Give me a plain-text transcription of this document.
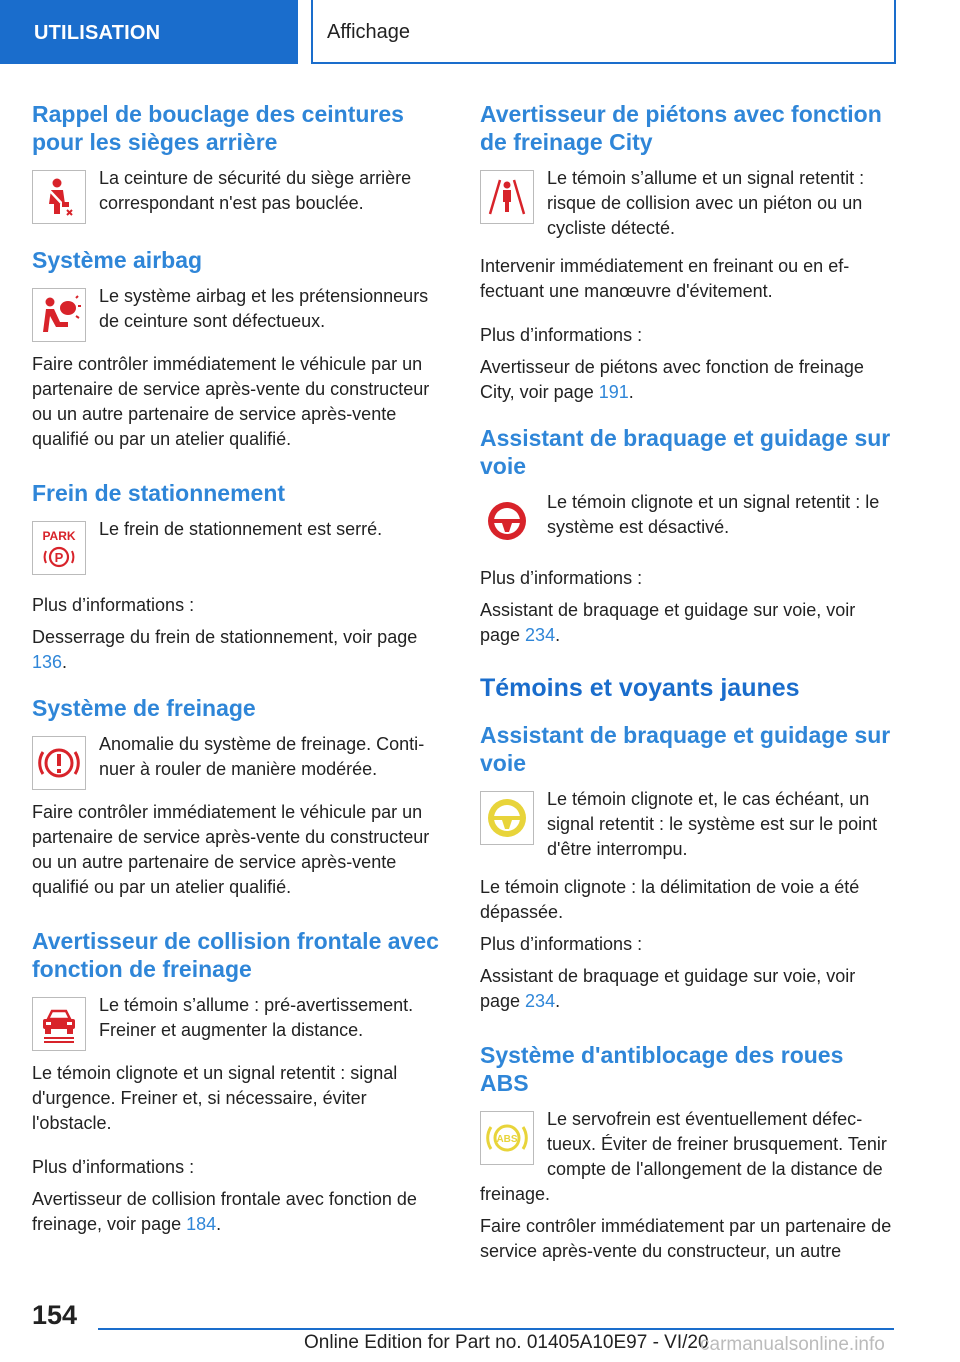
UTILISATION	Affichage
Rappel de bouclage des ceintures pour les sièges arrière

La ceinture de sécurité du siège arrière correspondant n'est pas bouclée.

Système airbag

Le système airbag et les prétensionneurs de ceinture sont défectueux.

Faire contrôler immédiatement le véhicule par un partenaire de service après-vente du constructeur ou un autre partenaire de service après-vente qualifié ou par un atelier qualifié.

Frein de stationnement
PARK
P

Le frein de stationnement est serré.

Plus d’informations :

Desserrage du frein de stationnement, voir page 136.

Système de freinage

Anomalie du système de freinage. Continuer à rouler de manière modérée.

Faire contrôler immédiatement le véhicule par un partenaire de service après-vente du constructeur ou un autre partenaire de service après-vente qualifié ou par un atelier qualifié.

Avertisseur de collision frontale avec fonction de freinage

Le témoin s’allume : pré-avertissement. Freiner et augmenter la distance.

Le témoin clignote et un signal retentit : signal d'urgence. Freiner et, si nécessaire, éviter l'obstacle.

Plus d’informations :

Avertisseur de collision frontale avec fonction de freinage, voir page 184.

Avertisseur de piétons avec fonction de freinage City

Le témoin s’allume et un signal retentit : risque de collision avec un piéton ou un cycliste détecté.

Intervenir immédiatement en freinant ou en effectuant une manœuvre d'évitement.

Plus d’informations :

Avertisseur de piétons avec fonction de freinage City, voir page 191.

Assistant de braquage et guidage sur voie

Le témoin clignote et un signal retentit : le système est désactivé.

Plus d’informations :

Assistant de braquage et guidage sur voie, voir page 234.

Témoins et voyants jaunes
Assistant de braquage et guidage sur voie

Le témoin clignote et, le cas échéant, un signal retentit : le système est sur le point d'être interrompu.

Le témoin clignote : la délimitation de voie a été dépassée.

Plus d’informations :

Assistant de braquage et guidage sur voie, voir page 234.

Système d'antiblocage des roues ABS
ABS

Le servofrein est éventuellement défectueux. Éviter de freiner brusquement. Tenir compte de l'allongement de la distance de freinage.

Faire contrôler immédiatement par un partenaire de service après-vente du constructeur, un autre

154
Online Edition for Part no. 01405A10E97 - VI/20
carmanualsonline.info
